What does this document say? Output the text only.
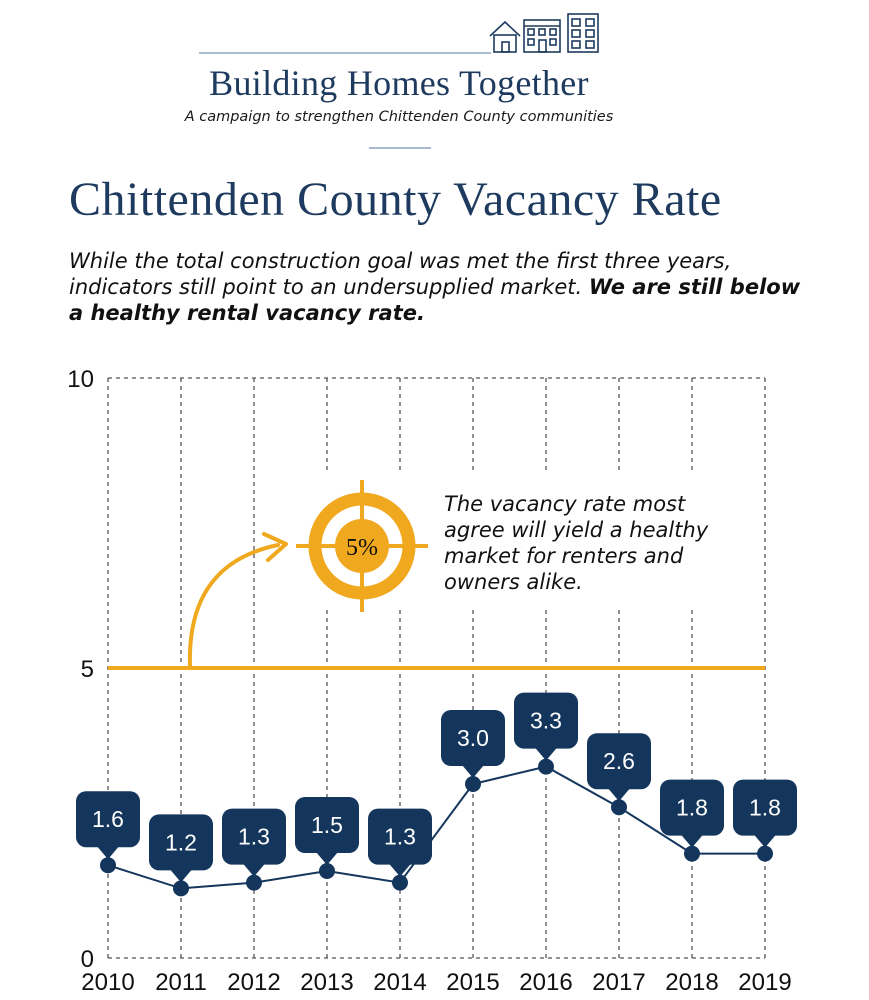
Building Homes Together
A campaign to strengthen Chittenden County communities
Chittenden County Vacancy Rate
While the total construction goal was met the first three years, indicators still point to an undersupplied market. We are still below a healthy rental vacancy rate.
1.6
1.2 1.3 1.5 1.3
3.0
3.3
2.6
1.8 1.8
0
5
10
2010 2011 2012 2013 2014 2015 2016 2017 2018 2019
5%
The vacancy rate most agree will yield a healthy market for renters and owners alike.
